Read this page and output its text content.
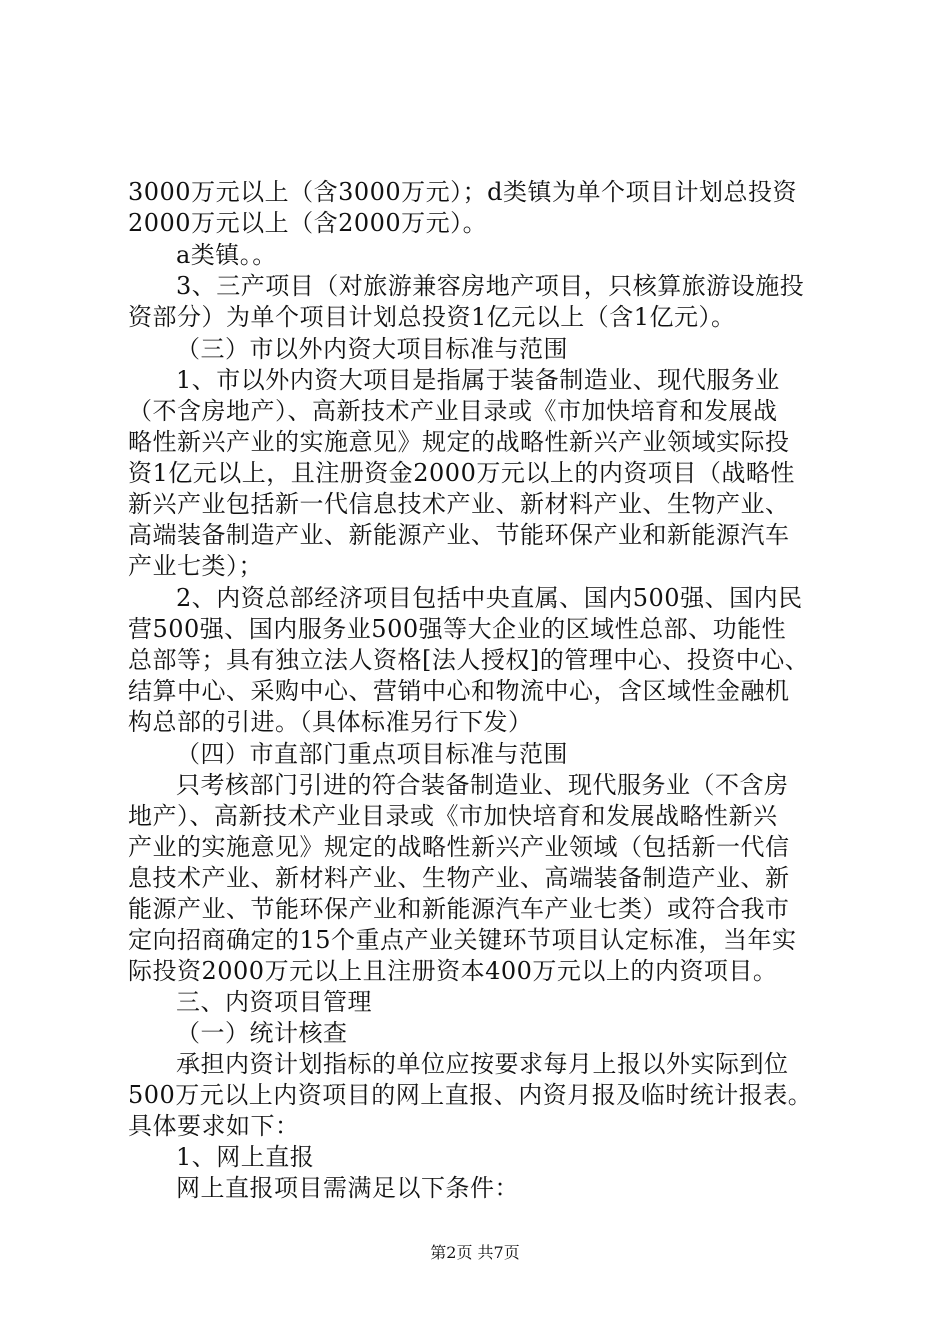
3000万元以上（含3000万元）；d类镇为单个项目计划总投资
2000万元以上（含2000万元）。
a类镇。。
3、三产项目（对旅游兼容房地产项目，只核算旅游设施投
资部分）为单个项目计划总投资1亿元以上（含1亿元）。
（三）市以外内资大项目标准与范围
1、市以外内资大项目是指属于装备制造业、现代服务业
（不含房地产）、高新技术产业目录或《市加快培育和发展战
略性新兴产业的实施意见》规定的战略性新兴产业领域实际投
资1亿元以上，且注册资金2000万元以上的内资项目（战略性
新兴产业包括新一代信息技术产业、新材料产业、生物产业、
高端装备制造产业、新能源产业、节能环保产业和新能源汽车
产业七类）；
2、内资总部经济项目包括中央直属、国内500强、国内民
营500强、国内服务业500强等大企业的区域性总部、功能性
总部等；具有独立法人资格[法人授权]的管理中心、投资中心、
结算中心、采购中心、营销中心和物流中心，含区域性金融机
构总部的引进。（具体标准另行下发）
（四）市直部门重点项目标准与范围
只考核部门引进的符合装备制造业、现代服务业（不含房
地产）、高新技术产业目录或《市加快培育和发展战略性新兴
产业的实施意见》规定的战略性新兴产业领域（包括新一代信
息技术产业、新材料产业、生物产业、高端装备制造产业、新
能源产业、节能环保产业和新能源汽车产业七类）或符合我市
定向招商确定的15个重点产业关键环节项目认定标准，当年实
际投资2000万元以上且注册资本400万元以上的内资项目。
三、内资项目管理
（一）统计核查
承担内资计划指标的单位应按要求每月上报以外实际到位
500万元以上内资项目的网上直报、内资月报及临时统计报表。
具体要求如下：
1、网上直报
网上直报项目需满足以下条件：
第2页 共7页
